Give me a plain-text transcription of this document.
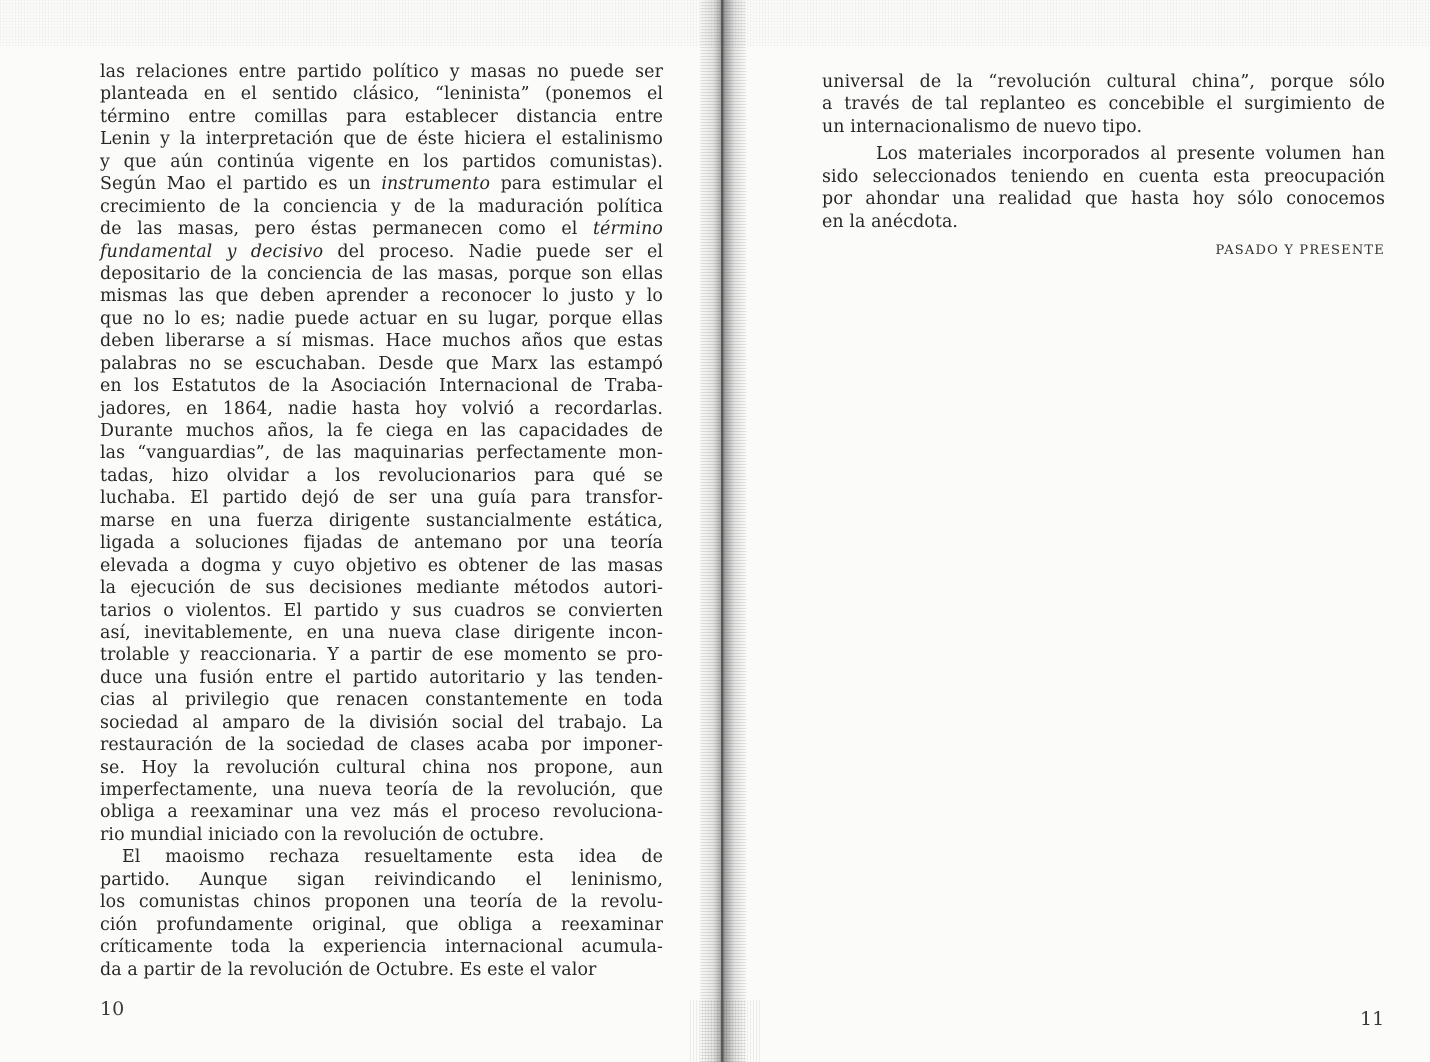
las relaciones entre partido político y masas no puede ser
planteada en el sentido clásico, “leninista” (ponemos el
término entre comillas para establecer distancia entre
Lenin y la interpretación que de éste hiciera el estalinismo
y que aún continúa vigente en los partidos comunistas).
Según Mao el partido es un instrumento para estimular el
crecimiento de la conciencia y de la maduración política
de las masas, pero éstas permanecen como el término
fundamental y decisivo del proceso. Nadie puede ser el
depositario de la conciencia de las masas, porque son ellas
mismas las que deben aprender a reconocer lo justo y lo
que no lo es; nadie puede actuar en su lugar, porque ellas
deben liberarse a sí mismas. Hace muchos años que estas
palabras no se escuchaban. Desde que Marx las estampó
en los Estatutos de la Asociación Internacional de Traba-
jadores, en 1864, nadie hasta hoy volvió a recordarlas.
Durante muchos años, la fe ciega en las capacidades de
las “vanguardias”, de las maquinarias perfectamente mon-
tadas, hizo olvidar a los revolucionarios para qué se
luchaba. El partido dejó de ser una guía para transfor-
marse en una fuerza dirigente sustancialmente estática,
ligada a soluciones fijadas de antemano por una teoría
elevada a dogma y cuyo objetivo es obtener de las masas
la ejecución de sus decisiones mediante métodos autori-
tarios o violentos. El partido y sus cuadros se convierten
así, inevitablemente, en una nueva clase dirigente incon-
trolable y reaccionaria. Y a partir de ese momento se pro-
duce una fusión entre el partido autoritario y las tenden-
cias al privilegio que renacen constantemente en toda
sociedad al amparo de la división social del trabajo. La
restauración de la sociedad de clases acaba por imponer-
se. Hoy la revolución cultural china nos propone, aun
imperfectamente, una nueva teoría de la revolución, que
obliga a reexaminar una vez más el proceso revoluciona-
rio mundial iniciado con la revolución de octubre.
El maoismo rechaza resueltamente esta idea de
partido. Aunque sigan reivindicando el leninismo,
los comunistas chinos proponen una teoría de la revolu-
ción profundamente original, que obliga a reexaminar
críticamente toda la experiencia internacional acumula-
da a partir de la revolución de Octubre. Es este el valor
10
universal de la “revolución cultural china”, porque sólo
a través de tal replanteo es concebible el surgimiento de
un internacionalismo de nuevo tipo.
Los materiales incorporados al presente volumen han
sido seleccionados teniendo en cuenta esta preocupación
por ahondar una realidad que hasta hoy sólo conocemos
en la anécdota.
PASADO Y PRESENTE
11
